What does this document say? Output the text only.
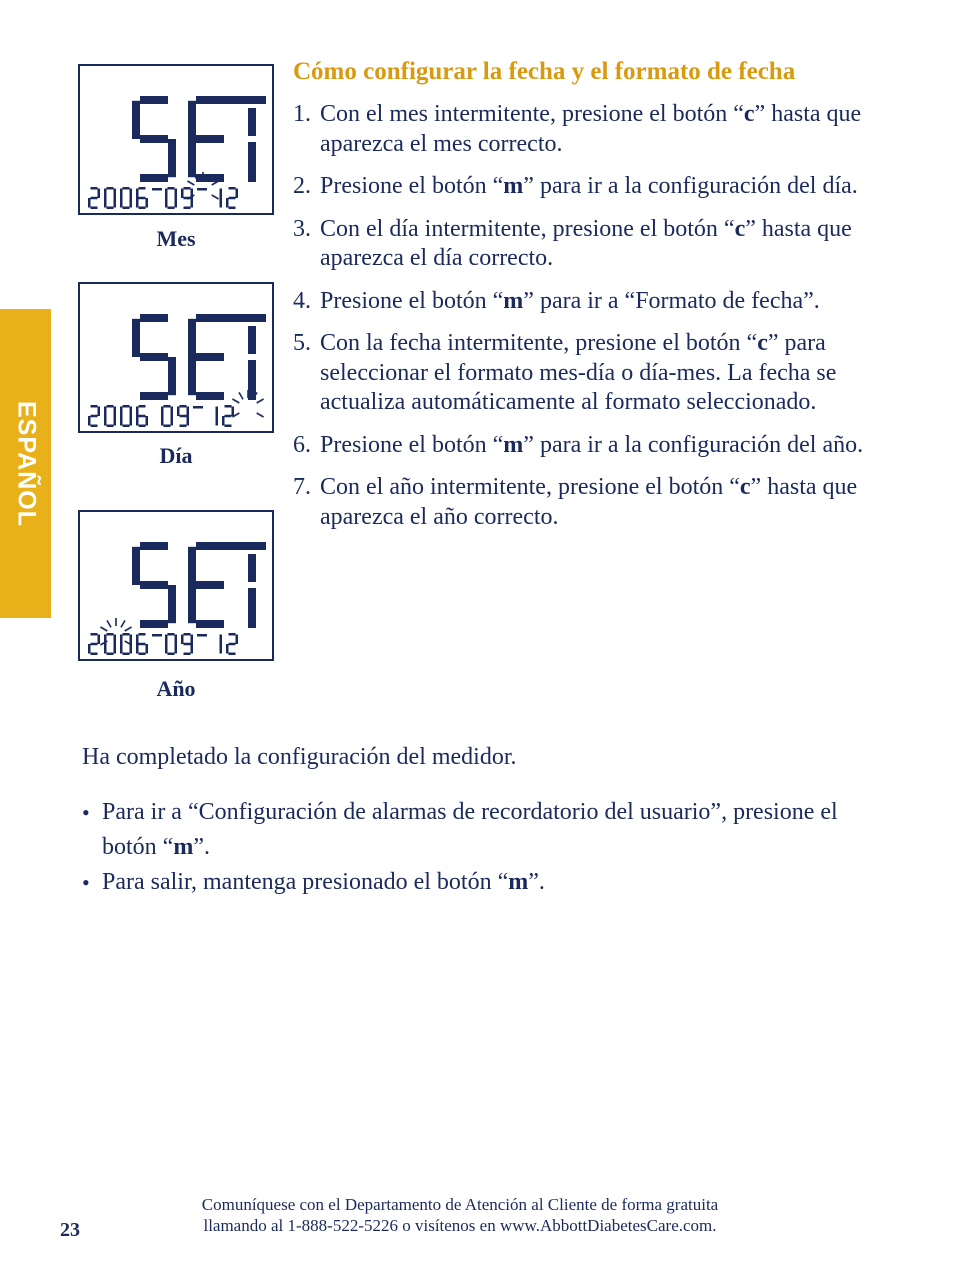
ESPAÑOL
Mes
Día
Año
Cómo configurar la fecha y el formato de fecha
1. Con el mes intermitente, presione el botón “c” hasta que aparezca el mes correcto.
2. Presione el botón “m” para ir a la configuración del día.
3. Con el día intermitente, presione el botón “c” hasta que aparezca el día correcto.
4. Presione el botón “m” para ir a “Formato de fecha”.
5. Con la fecha intermitente, presione el botón “c” para seleccionar el formato mes-día o día-mes. La fecha se actualiza automáticamente al formato seleccionado.
6. Presione el botón “m” para ir a la configuración del año.
7. Con el año intermitente, presione el botón “c” hasta que aparezca el año correcto.

Ha completado la configuración del medidor.

• Para ir a “Configuración de alarmas de recordatorio del usuario”, presione el botón “m”.
• Para salir, mantenga presionado el botón “m”.
23
Comuníquese con el Departamento de Atención al Cliente de forma gratuita
llamando al 1-888-522-5226 o visítenos en www.AbbottDiabetesCare.com.
